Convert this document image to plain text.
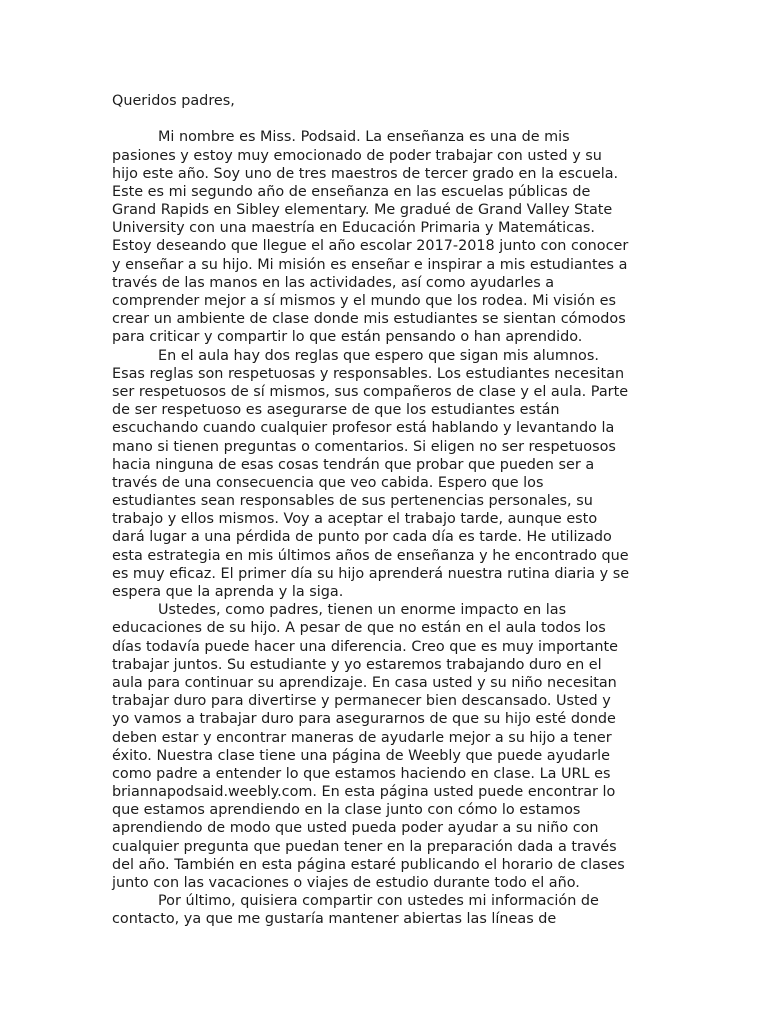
Queridos padres,
Mi nombre es Miss. Podsaid. La enseñanza es una de mis
pasiones y estoy muy emocionado de poder trabajar con usted y su
hijo este año. Soy uno de tres maestros de tercer grado en la escuela.
Este es mi segundo año de enseñanza en las escuelas públicas de
Grand Rapids en Sibley elementary. Me gradué de Grand Valley State
University con una maestría en Educación Primaria y Matemáticas.
Estoy deseando que llegue el año escolar 2017-2018 junto con conocer
y enseñar a su hijo. Mi misión es enseñar e inspirar a mis estudiantes a
través de las manos en las actividades, así como ayudarles a
comprender mejor a sí mismos y el mundo que los rodea. Mi visión es
crear un ambiente de clase donde mis estudiantes se sientan cómodos
para criticar y compartir lo que están pensando o han aprendido.
En el aula hay dos reglas que espero que sigan mis alumnos.
Esas reglas son respetuosas y responsables. Los estudiantes necesitan
ser respetuosos de sí mismos, sus compañeros de clase y el aula. Parte
de ser respetuoso es asegurarse de que los estudiantes están
escuchando cuando cualquier profesor está hablando y levantando la
mano si tienen preguntas o comentarios. Si eligen no ser respetuosos
hacia ninguna de esas cosas tendrán que probar que pueden ser a
través de una consecuencia que veo cabida. Espero que los
estudiantes sean responsables de sus pertenencias personales, su
trabajo y ellos mismos. Voy a aceptar el trabajo tarde, aunque esto
dará lugar a una pérdida de punto por cada día es tarde. He utilizado
esta estrategia en mis últimos años de enseñanza y he encontrado que
es muy eficaz. El primer día su hijo aprenderá nuestra rutina diaria y se
espera que la aprenda y la siga.
Ustedes, como padres, tienen un enorme impacto en las
educaciones de su hijo. A pesar de que no están en el aula todos los
días todavía puede hacer una diferencia. Creo que es muy importante
trabajar juntos. Su estudiante y yo estaremos trabajando duro en el
aula para continuar su aprendizaje. En casa usted y su niño necesitan
trabajar duro para divertirse y permanecer bien descansado. Usted y
yo vamos a trabajar duro para asegurarnos de que su hijo esté donde
deben estar y encontrar maneras de ayudarle mejor a su hijo a tener
éxito. Nuestra clase tiene una página de Weebly que puede ayudarle
como padre a entender lo que estamos haciendo en clase. La URL es
briannapodsaid.weebly.com. En esta página usted puede encontrar lo
que estamos aprendiendo en la clase junto con cómo lo estamos
aprendiendo de modo que usted pueda poder ayudar a su niño con
cualquier pregunta que puedan tener en la preparación dada a través
del año. También en esta página estaré publicando el horario de clases
junto con las vacaciones o viajes de estudio durante todo el año.
Por último, quisiera compartir con ustedes mi información de
contacto, ya que me gustaría mantener abiertas las líneas de
